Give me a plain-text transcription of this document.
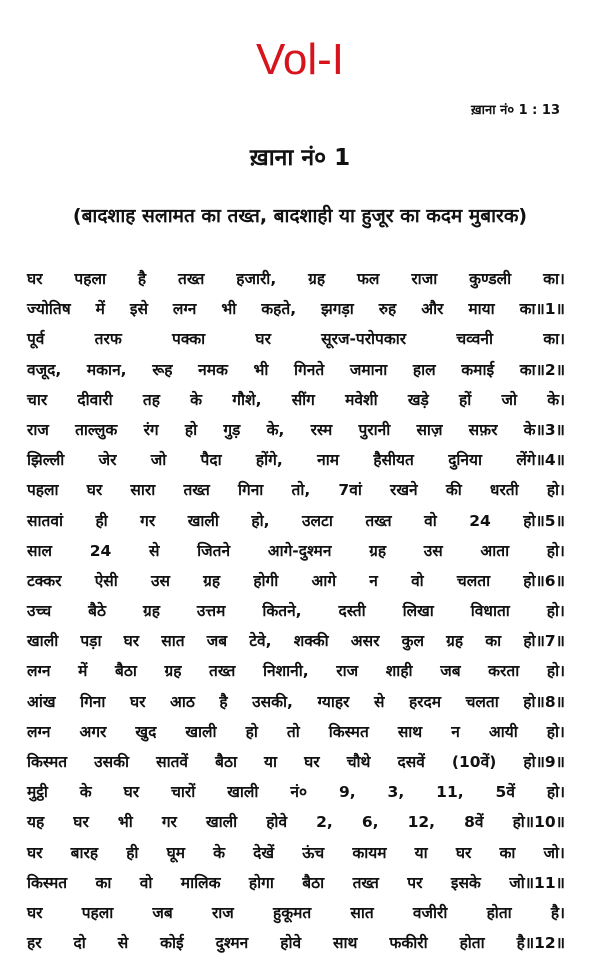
Vol-I
ख़ाना नं० 1 : 13
ख़ाना नं० 1
(बादशाह सलामत का तख्त, बादशाही या हुजूर का कदम मुबारक)
घर पहला है तख्त हजारी, ग्रह फल राजा कुण्डली का।
ज्योतिष में इसे लग्न भी कहते, झगड़ा रुह और माया का॥1॥
पूर्व	तरफ	पक्का	घर	सूरज-परोपकार	चव्वनी	का।
वजूद, मकान, रूह नमक भी गिनते जमाना हाल कमाई का॥2॥
चार दीवारी तह के गौशे, सींग मवेशी खड़े हों जो के।
राज ताल्लुक रंग हो गुड़ के, रस्म पुरानी साज़ सफ़र के॥3॥
झिल्ली जेर जो पैदा होंगे, नाम हैसीयत दुनिया लेंगे॥4॥
पहला घर सारा तख्त गिना तो, 7वां रखने की धरती हो।
सातवां ही गर खाली हो, उलटा तख्त वो 24 हो॥5॥
साल 24 से जितने आगे-दुश्मन ग्रह उस आता हो।
टक्कर ऐसी उस ग्रह होगी आगे न वो चलता हो॥6॥
उच्च बैठे ग्रह उत्तम कितने, दस्ती लिखा विधाता हो।
खाली पड़ा घर सात जब टेवे, शक्की असर कुल ग्रह का हो॥7॥
लग्न में बैठा ग्रह तख्त निशानी, राज शाही जब करता हो।
आंख गिना घर आठ है उसकी, ग्याहर से हरदम चलता हो॥8॥
लग्न अगर खुद खाली हो तो किस्मत साथ न आयी हो।
किस्मत उसकी सातवें बैठा या घर चौथे दसवें (10वें) हो॥9॥
मुट्ठी के घर चारों खाली नं० 9, 3, 11, 5वें हो।
यह घर भी गर खाली होवे 2, 6, 12, 8वें हो॥10॥
घर बारह ही घूम के देखें ऊंच कायम या घर का जो।
किस्मत का वो मालिक होगा बैठा तख्त पर इसके जो॥11॥
घर	पहला	जब	राज	हुकूमत	सात	वजीरी	होता	है।
हर दो से कोई दुश्मन होवे साथ फकीरी होता है॥12॥
